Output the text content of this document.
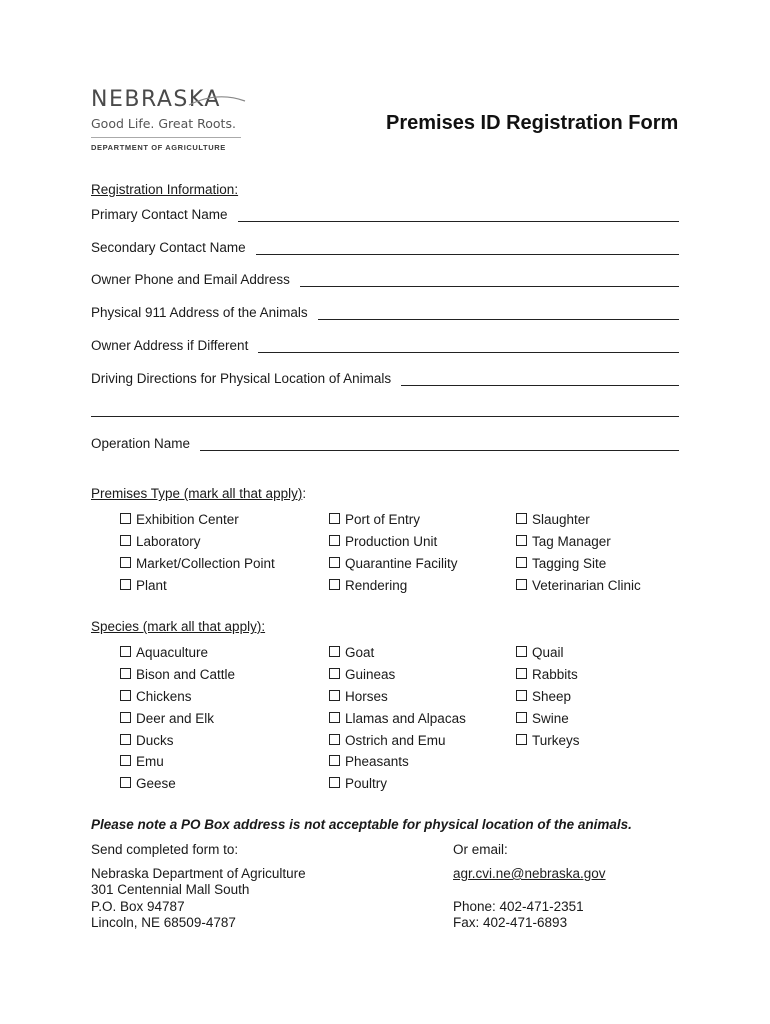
NEBRASKA
Good Life. Great Roots.
DEPARTMENT OF AGRICULTURE
Premises ID Registration Form
Registration Information:
Primary Contact Name
Secondary Contact Name
Owner Phone and Email Address
Physical 911 Address of the Animals
Owner Address if Different
Driving Directions for Physical Location of Animals
Operation Name
Premises Type (mark all that apply):
Exhibition Center
Laboratory
Market/Collection Point
Plant
Port of Entry
Production Unit
Quarantine Facility
Rendering
Slaughter
Tag Manager
Tagging Site
Veterinarian Clinic
Species (mark all that apply):
Aquaculture
Bison and Cattle
Chickens
Deer and Elk
Ducks
Emu
Geese
Goat
Guineas
Horses
Llamas and Alpacas
Ostrich and Emu
Pheasants
Poultry
Quail
Rabbits
Sheep
Swine
Turkeys
Please note a PO Box address is not acceptable for physical location of the animals.
Send completed form to:	Or email:
Nebraska Department of Agriculture
301 Centennial Mall South
P.O. Box 94787
Lincoln, NE 68509-4787
agr.cvi.ne@nebraska.gov
Phone: 402-471-2351
Fax: 402-471-6893
